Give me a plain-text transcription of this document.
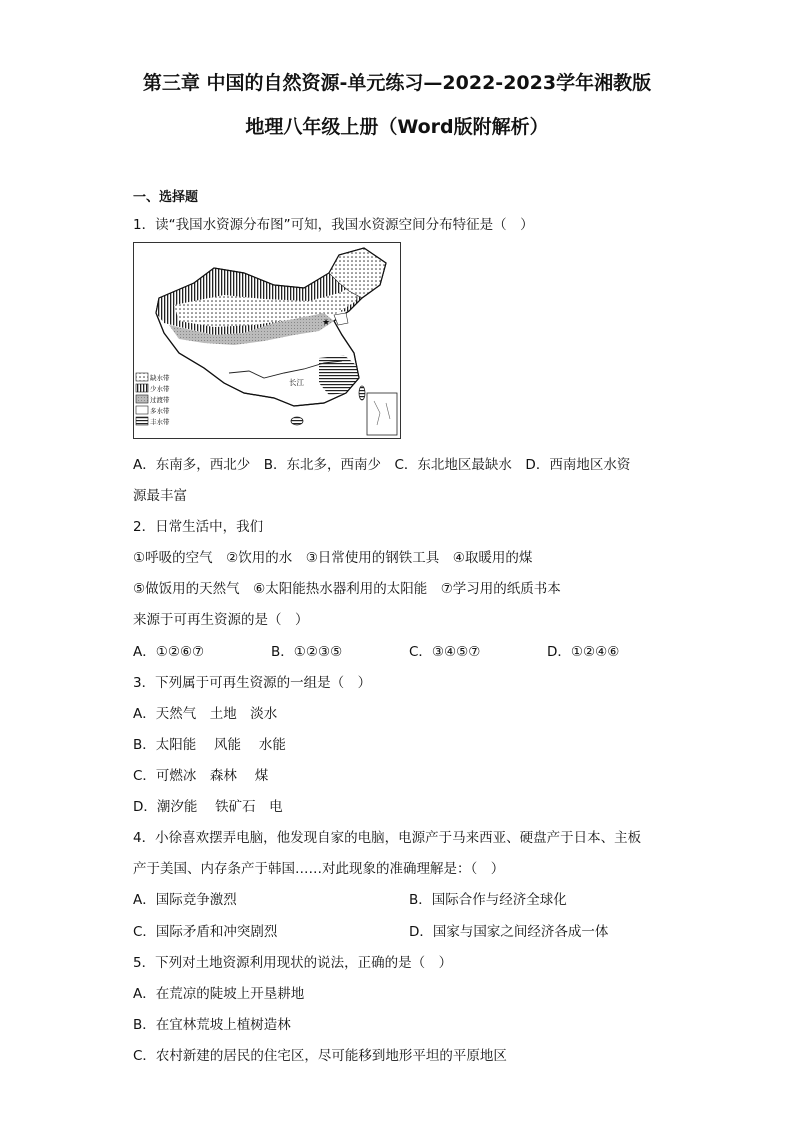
第三章 中国的自然资源-单元练习—2022-2023学年湘教版
地理八年级上册（Word版附解析）
一、选择题
1．读“我国水资源分布图”可知，我国水资源空间分布特征是（　）
★
长江
缺水带
少水带
过渡带
多水带
丰水带
A．东南多，西北少　B．东北多，西南少　C．东北地区最缺水　D．西南地区水资
源最丰富
2．日常生活中，我们
①呼吸的空气　②饮用的水　③日常使用的钢铁工具　④取暖用的煤
⑤做饭用的天然气　⑥太阳能热水器利用的太阳能　⑦学习用的纸质书本
来源于可再生资源的是（　）
A．①②⑥⑦	B．①②③⑤	C．③④⑤⑦	D．①②④⑥
3．下列属于可再生资源的一组是（　）
A．天然气　土地　淡水
B．太阳能　 风能　 水能
C．可燃冰　森林　 煤
D．潮汐能　 铁矿石　电
4．小徐喜欢摆弄电脑，他发现自家的电脑，电源产于马来西亚、硬盘产于日本、主板
产于美国、内存条产于韩国……对此现象的准确理解是：（　）
A．国际竞争激烈	B．国际合作与经济全球化
C．国际矛盾和冲突剧烈	D．国家与国家之间经济各成一体
5．下列对土地资源利用现状的说法，正确的是（　）
A．在荒凉的陡坡上开垦耕地
B．在宜林荒坡上植树造林
C．农村新建的居民的住宅区，尽可能移到地形平坦的平原地区
